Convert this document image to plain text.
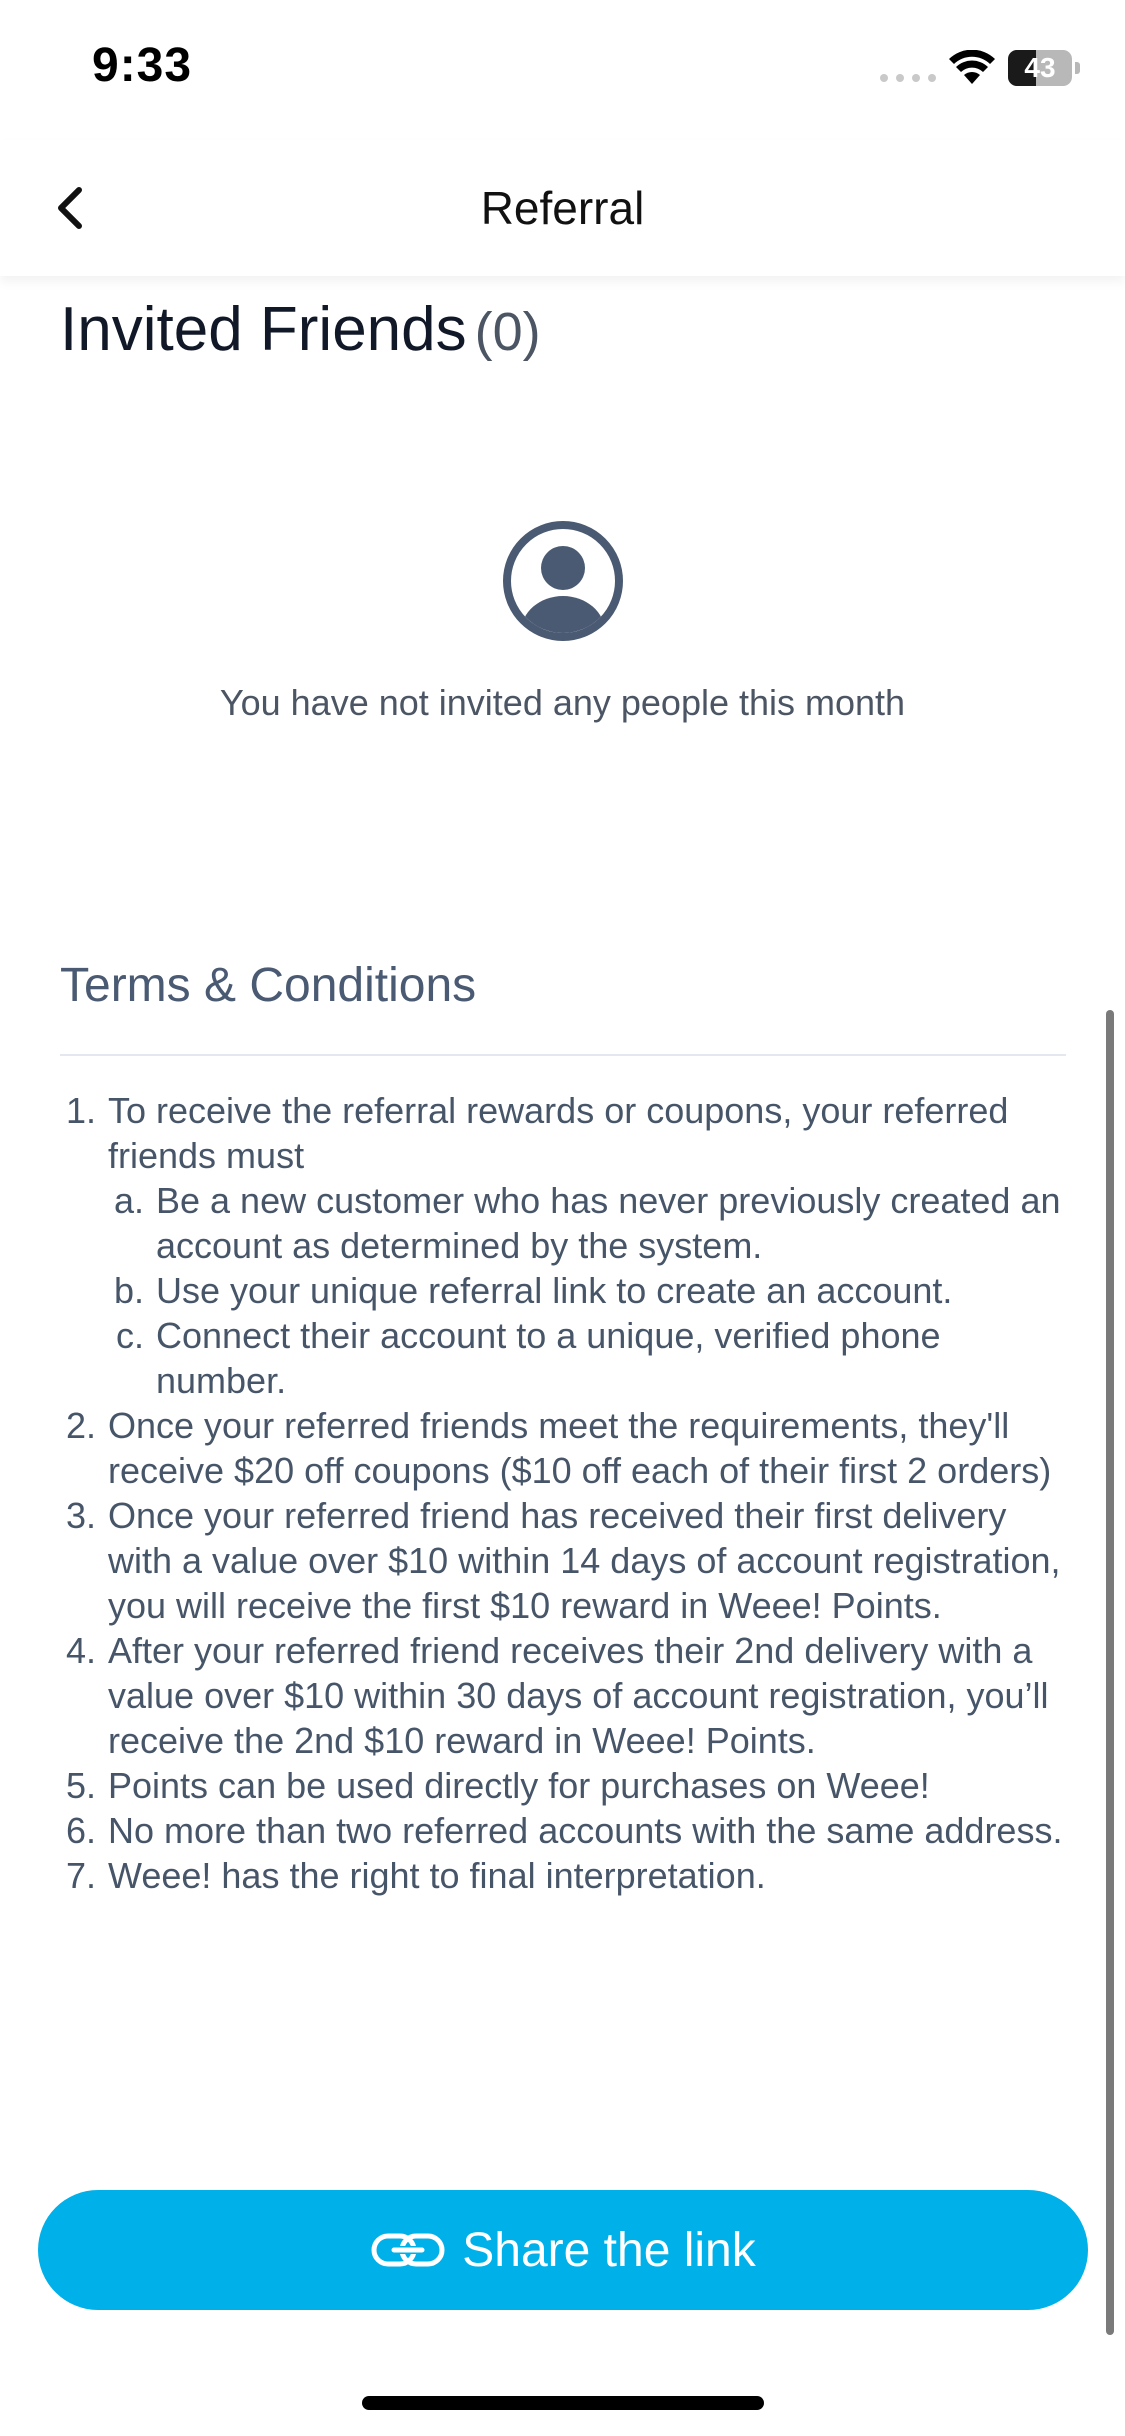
9:33	43
Referral
Invited Friends (0)
You have not invited any people this month
Terms & Conditions
1. To receive the referral rewards or coupons, your referred friends must
a. Be a new customer who has never previously created an account as determined by the system.
b. Use your unique referral link to create an account.
c. Connect their account to a unique, verified phone number.
2. Once your referred friends meet the requirements, they'll receive $20 off coupons ($10 off each of their first 2 orders)
3. Once your referred friend has received their first delivery with a value over $10 within 14 days of account registration, you will receive the first $10 reward in Weee! Points.
4. After your referred friend receives their 2nd delivery with a value over $10 within 30 days of account registration, you’ll receive the 2nd $10 reward in Weee! Points.
5. Points can be used directly for purchases on Weee!
6. No more than two referred accounts with the same address.
7. Weee! has the right to final interpretation.
Share the link
